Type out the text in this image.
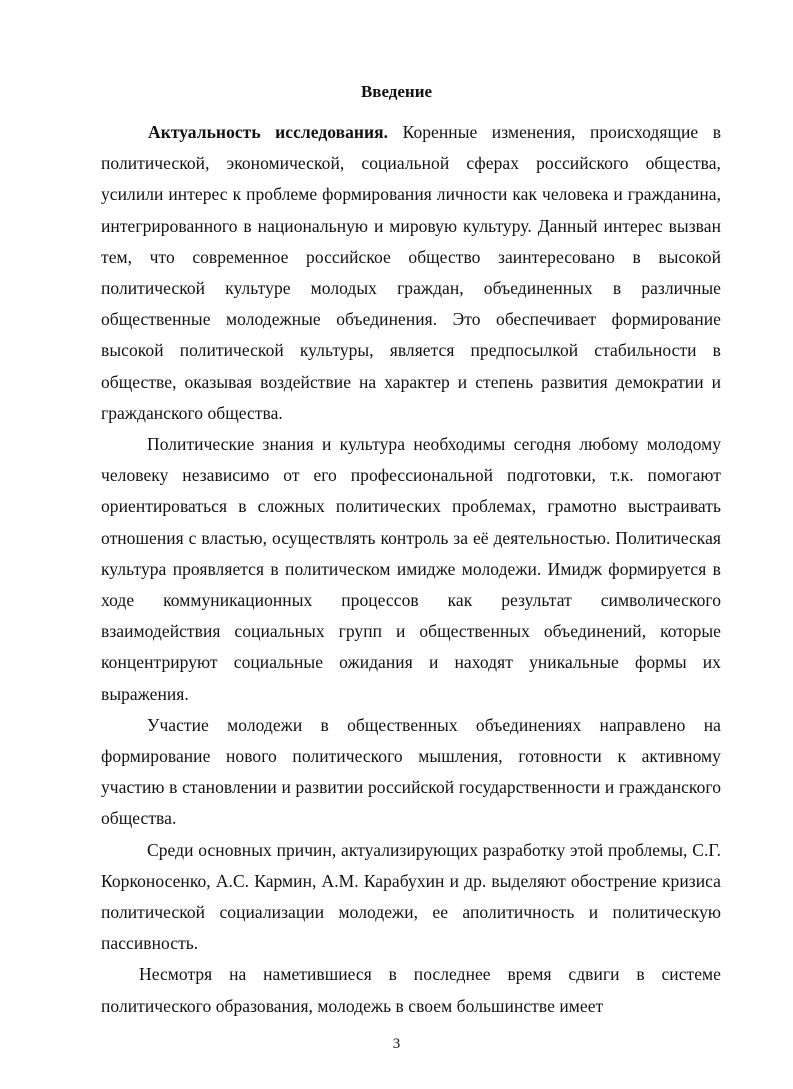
Введение

Актуальность исследования. Коренные изменения, происходящие в политической, экономической, социальной сферах российского общества, усилили интерес к проблеме формирования личности как человека и гражданина, интегрированного в национальную и мировую культуру. Данный интерес вызван тем, что современное российское общество заинтересовано в высокой политической культуре молодых граждан, объединенных в различные общественные молодежные объединения. Это обеспечивает формирование высокой политической культуры, является предпосылкой стабильности в обществе, оказывая воздействие на характер и степень развития демократии и гражданского общества.

Политические знания и культура необходимы сегодня любому молодому человеку независимо от его профессиональной подготовки, т.к. помогают ориентироваться в сложных политических проблемах, грамотно выстраивать отношения с властью, осуществлять контроль за её деятельностью. Политическая культура проявляется в политическом имидже молодежи. Имидж формируется в ходе коммуникационных процессов как результат символического взаимодействия социальных групп и общественных объединений, которые концентрируют социальные ожидания и находят уникальные формы их выражения.

Участие молодежи в общественных объединениях направлено на формирование нового политического мышления, готовности к активному участию в становлении и развитии российской государственности и гражданского общества.

Среди основных причин, актуализирующих разработку этой проблемы, С.Г. Корконосенко, А.С. Кармин, А.М. Карабухин и др. выделяют обострение кризиса политической социализации молодежи, ее аполитичность и политическую пассивность.

Несмотря на наметившиеся в последнее время сдвиги в системе политического образования, молодежь в своем большинстве имеет

3
